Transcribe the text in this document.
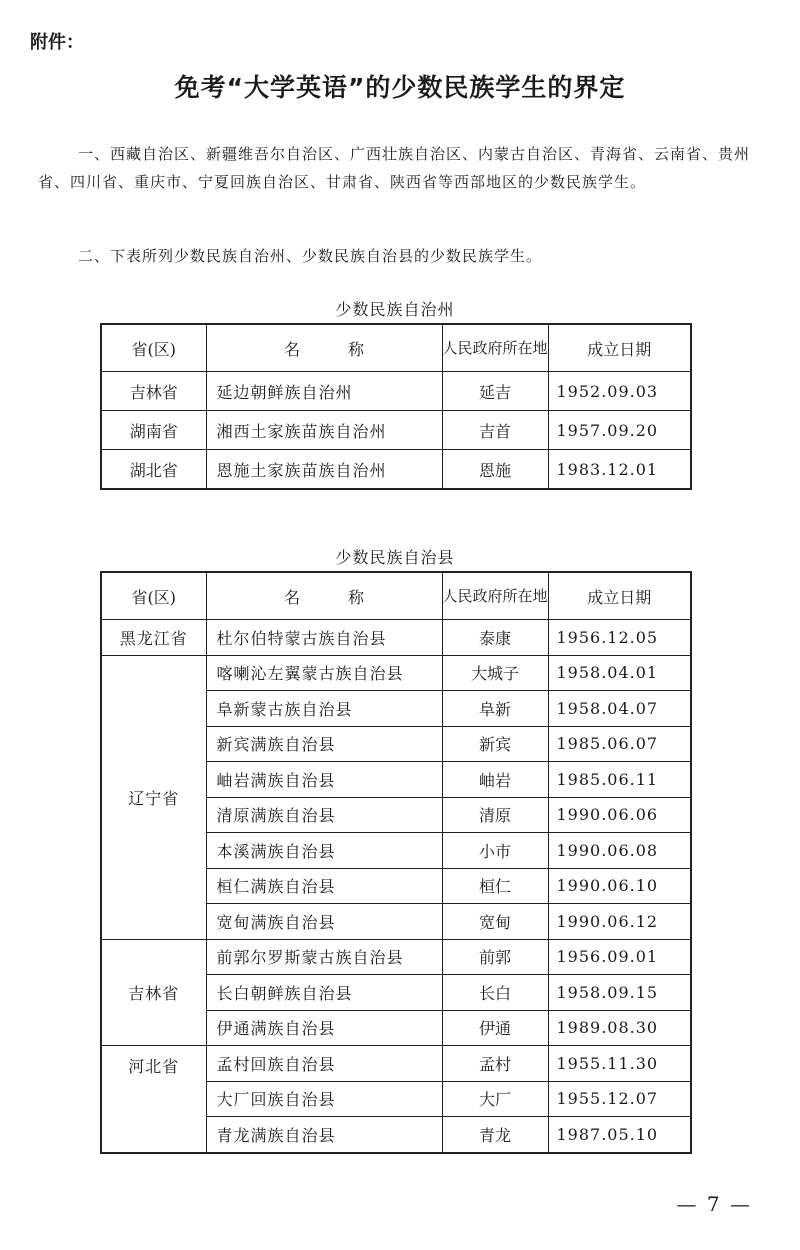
附件：
免考“大学英语”的少数民族学生的界定
一、西藏自治区、新疆维吾尔自治区、广西壮族自治区、内蒙古自治区、青海省、云南省、贵州省、四川省、重庆市、宁夏回族自治区、甘肃省、陕西省等西部地区的少数民族学生。
二、下表所列少数民族自治州、少数民族自治县的少数民族学生。
少数民族自治州
省(区)	名　　　称	人民政府所在地	成立日期
吉林省	延边朝鲜族自治州	延吉	1952.09.03
湖南省	湘西土家族苗族自治州	吉首	1957.09.20
湖北省	恩施土家族苗族自治州	恩施	1983.12.01
少数民族自治县
省(区)	名　　　称	人民政府所在地	成立日期
黑龙江省	杜尔伯特蒙古族自治县	泰康	1956.12.05
辽宁省	喀喇沁左翼蒙古族自治县	大城子	1958.04.01
	阜新蒙古族自治县	阜新	1958.04.07
	新宾满族自治县	新宾	1985.06.07
	岫岩满族自治县	岫岩	1985.06.11
	清原满族自治县	清原	1990.06.06
	本溪满族自治县	小市	1990.06.08
	桓仁满族自治县	桓仁	1990.06.10
	宽甸满族自治县	宽甸	1990.06.12
吉林省	前郭尔罗斯蒙古族自治县	前郭	1956.09.01
	长白朝鲜族自治县	长白	1958.09.15
	伊通满族自治县	伊通	1989.08.30
河北省	孟村回族自治县	孟村	1955.11.30
	大厂回族自治县	大厂	1955.12.07
	青龙满族自治县	青龙	1987.05.10
— 7 —
